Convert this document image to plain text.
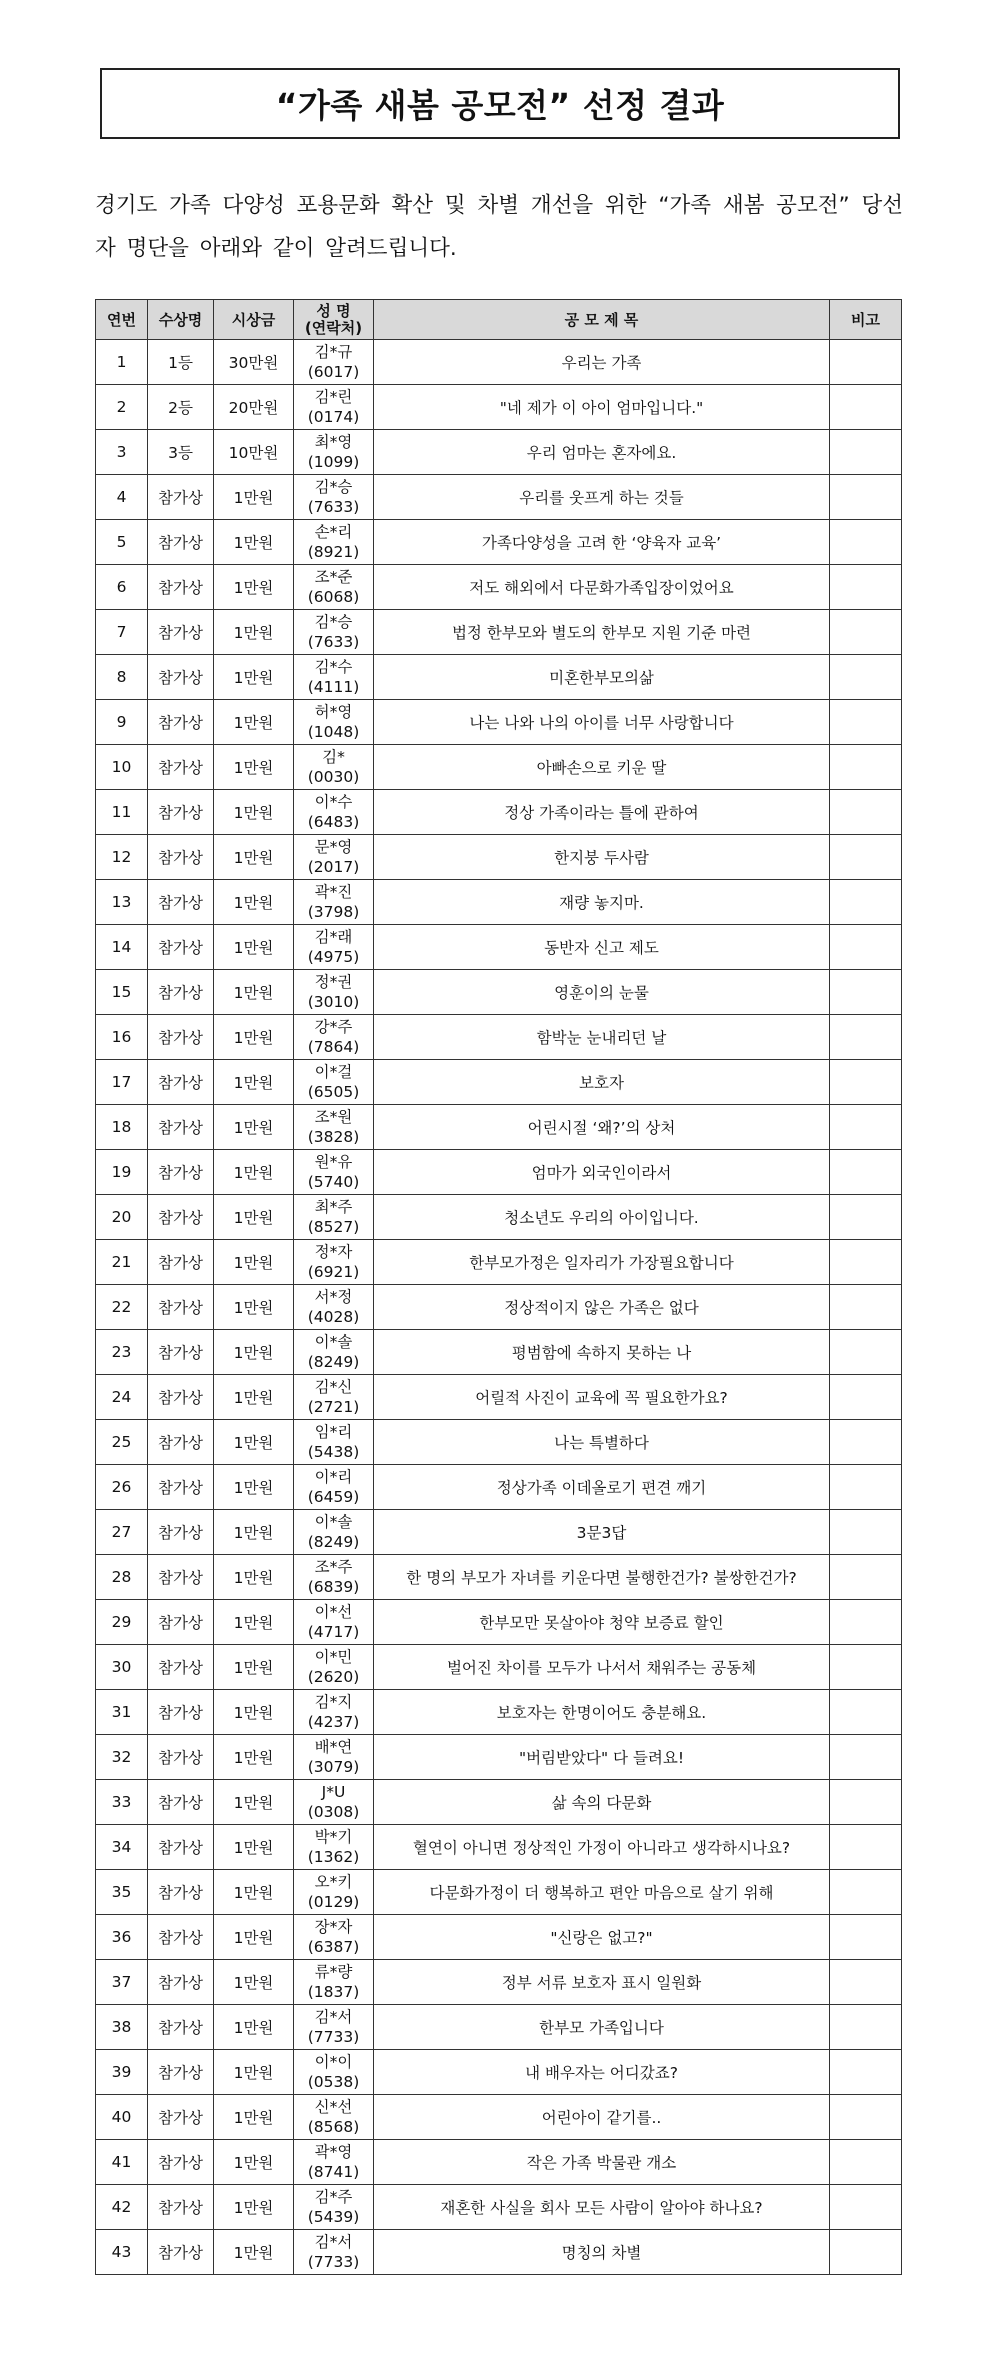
“가족 새봄 공모전” 선정 결과

경기도 가족 다양성 포용문화 확산 및 차별 개선을 위한 “가족 새봄 공모전” 당선자 명단을 아래와 같이 알려드립니다.

연번	수상명	시상금	성 명
(연락처)	공 모 제 목	비고
1	1등	30만원	김*규
(6017)	우리는 가족	
2	2등	20만원	김*린
(0174)	"네 제가 이 아이 엄마입니다."	
3	3등	10만원	최*영
(1099)	우리 엄마는 혼자에요.	
4	참가상	1만원	김*승
(7633)	우리를 웃프게 하는 것들	
5	참가상	1만원	손*리
(8921)	가족다양성을 고려 한 ‘양육자 교육’	
6	참가상	1만원	조*준
(6068)	저도 해외에서 다문화가족입장이었어요	
7	참가상	1만원	김*승
(7633)	법정 한부모와 별도의 한부모 지원 기준 마련	
8	참가상	1만원	김*수
(4111)	미혼한부모의삶	
9	참가상	1만원	허*영
(1048)	나는 나와 나의 아이를 너무 사랑합니다	
10	참가상	1만원	김*
(0030)	아빠손으로 키운 딸	
11	참가상	1만원	이*수
(6483)	정상 가족이라는 틀에 관하여	
12	참가상	1만원	문*영
(2017)	한지붕 두사람	
13	참가상	1만원	곽*진
(3798)	재량 놓지마.	
14	참가상	1만원	김*래
(4975)	동반자 신고 제도	
15	참가상	1만원	정*권
(3010)	영훈이의 눈물	
16	참가상	1만원	강*주
(7864)	함박눈 눈내리던 날	
17	참가상	1만원	이*걸
(6505)	보호자	
18	참가상	1만원	조*원
(3828)	어린시절 ‘왜?’의 상처	
19	참가상	1만원	원*유
(5740)	엄마가 외국인이라서	
20	참가상	1만원	최*주
(8527)	청소년도 우리의 아이입니다.	
21	참가상	1만원	정*자
(6921)	한부모가정은 일자리가 가장필요합니다	
22	참가상	1만원	서*정
(4028)	정상적이지 않은 가족은 없다	
23	참가상	1만원	이*솔
(8249)	평범함에 속하지 못하는 나	
24	참가상	1만원	김*신
(2721)	어릴적 사진이 교육에 꼭 필요한가요?	
25	참가상	1만원	임*리
(5438)	나는 특별하다	
26	참가상	1만원	이*리
(6459)	정상가족 이데올로기 편견 깨기	
27	참가상	1만원	이*솔
(8249)	3문3답	
28	참가상	1만원	조*주
(6839)	한 명의 부모가 자녀를 키운다면 불행한건가? 불쌍한건가?	
29	참가상	1만원	이*선
(4717)	한부모만 못살아야 청약 보증료 할인	
30	참가상	1만원	이*민
(2620)	벌어진 차이를 모두가 나서서 채워주는 공동체	
31	참가상	1만원	김*지
(4237)	보호자는 한명이어도 충분해요.	
32	참가상	1만원	배*연
(3079)	"버림받았다" 다 들려요!	
33	참가상	1만원	J*U
(0308)	삶 속의 다문화	
34	참가상	1만원	박*기
(1362)	혈연이 아니면 정상적인 가정이 아니라고 생각하시나요?	
35	참가상	1만원	오*키
(0129)	다문화가정이 더 행복하고 편안 마음으로 살기 위해	
36	참가상	1만원	장*자
(6387)	"신랑은 없고?"	
37	참가상	1만원	류*량
(1837)	정부 서류 보호자 표시 일원화	
38	참가상	1만원	김*서
(7733)	한부모 가족입니다	
39	참가상	1만원	이*이
(0538)	내 배우자는 어디갔죠?	
40	참가상	1만원	신*선
(8568)	어린아이 같기를..	
41	참가상	1만원	곽*영
(8741)	작은 가족 박물관 개소	
42	참가상	1만원	김*주
(5439)	재혼한 사실을 회사 모든 사람이 알아야 하나요?	
43	참가상	1만원	김*서
(7733)	명칭의 차별	
